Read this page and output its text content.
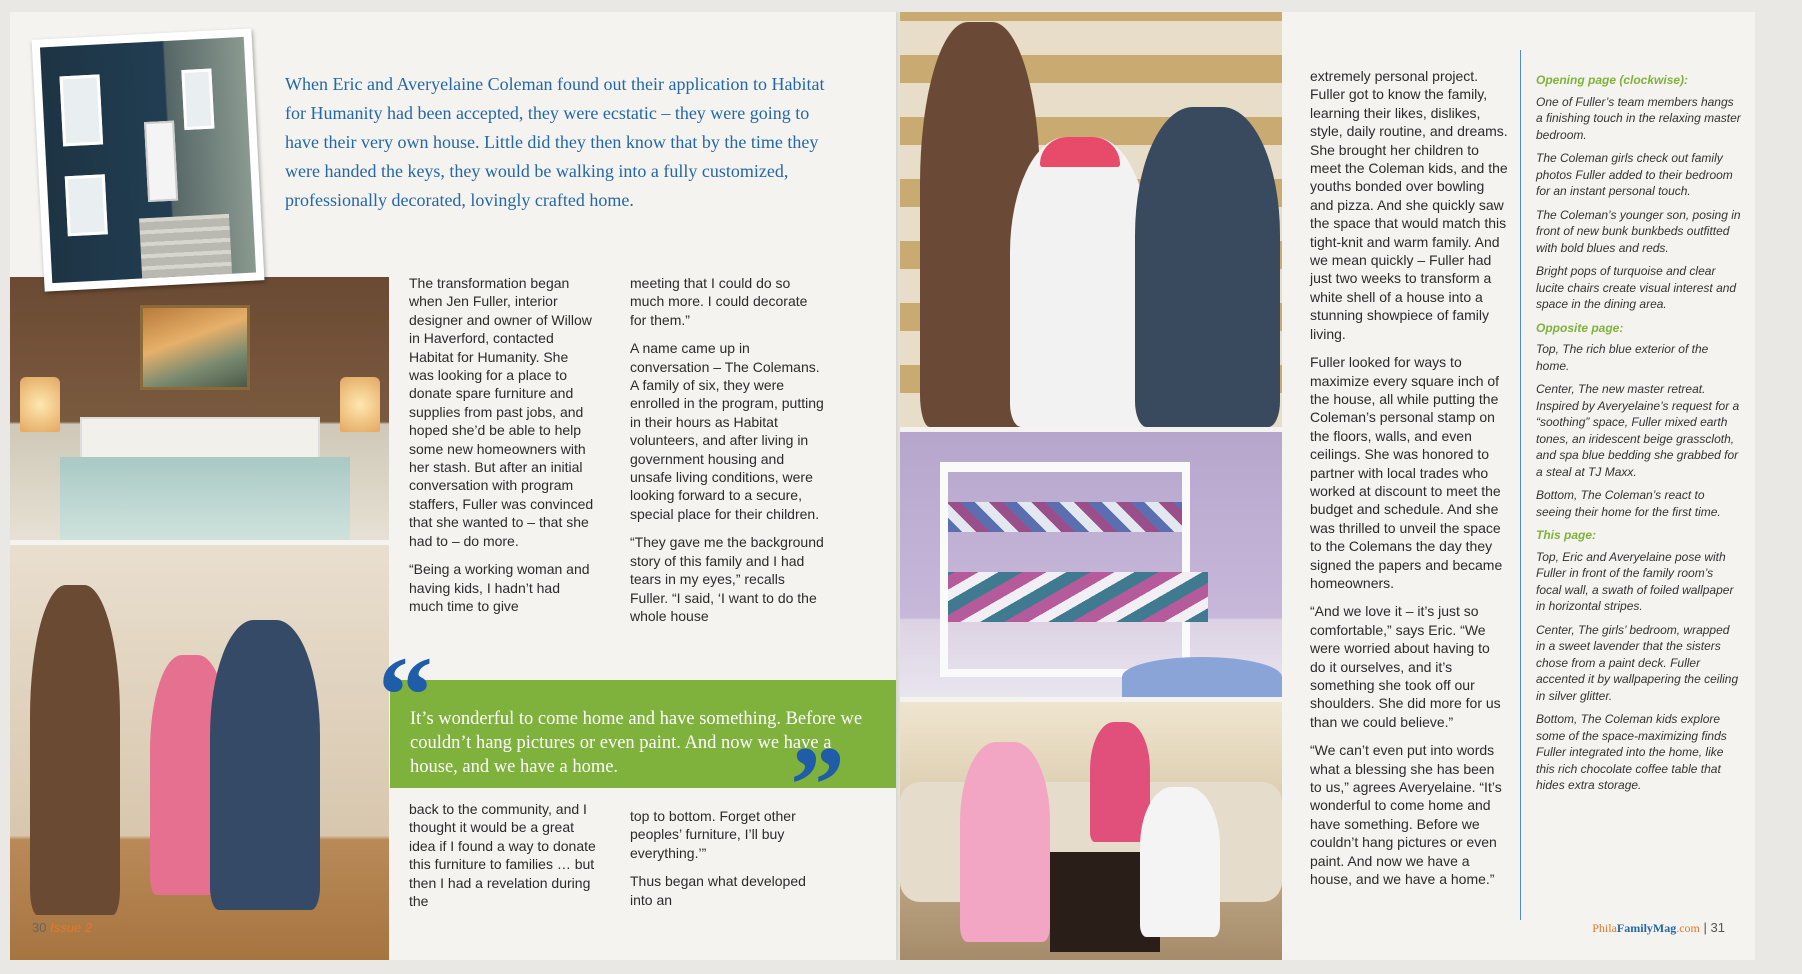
When Eric and Averyelaine Coleman found out their application to Habitat for Humanity had been accepted, they were ecstatic – they were going to have their very own house. Little did they then know that by the time they were handed the keys, they would be walking into a fully customized, professionally decorated, lovingly crafted home.

The transformation began when Jen Fuller, interior designer and owner of Willow in Haverford, contacted Habitat for Humanity. She was looking for a place to donate spare furniture and supplies from past jobs, and hoped she’d be able to help some new homeowners with her stash. But after an initial conversation with program staffers, Fuller was convinced that she wanted to – that she had to – do more.

“Being a working woman and having kids, I hadn’t had much time to give

meeting that I could do so much more. I could decorate for them.”

A name came up in conversation – The Colemans. A family of six, they were enrolled in the program, putting in their hours as Habitat volunteers, and after living in government housing and unsafe living conditions, were looking forward to a secure, special place for their children.

“They gave me the background story of this family and I had tears in my eyes,” recalls Fuller. “I said, ‘I want to do the whole house

It’s wonderful to come home and have something. Before we couldn’t hang pictures or even paint. And now we have a house, and we have a home.
“
”

back to the community, and I thought it would be a great idea if I found a way to donate this furniture to families … but then I had a revelation during the

top to bottom. Forget other peoples’ furniture, I’ll buy everything.’”

Thus began what developed into an

30 Issue 2

extremely personal project. Fuller got to know the family, learning their likes, dislikes, style, daily routine, and dreams. She brought her children to meet the Coleman kids, and the youths bonded over bowling and pizza. And she quickly saw the space that would match this tight-knit and warm family. And we mean quickly – Fuller had just two weeks to transform a white shell of a house into a stunning showpiece of family living.

Fuller looked for ways to maximize every square inch of the house, all while putting the Coleman’s personal stamp on the floors, walls, and even ceilings. She was honored to partner with local trades who worked at discount to meet the budget and schedule. And she was thrilled to unveil the space to the Colemans the day they signed the papers and became homeowners.

“And we love it – it’s just so comfortable,” says Eric. “We were worried about having to do it ourselves, and it’s something she took off our shoulders. She did more for us than we could believe.”

“We can’t even put into words what a blessing she has been to us,” agrees Averyelaine. “It’s wonderful to come home and have something. Before we couldn’t hang pictures or even paint. And now we have a house, and we have a home.”

Opening page (clockwise):

One of Fuller’s team members hangs a finishing touch in the relaxing master bedroom.

The Coleman girls check out family photos Fuller added to their bedroom for an instant personal touch.

The Coleman’s younger son, posing in front of new bunk bunkbeds outfitted with bold blues and reds.

Bright pops of turquoise and clear lucite chairs create visual interest and space in the dining area.

Opposite page:

Top, The rich blue exterior of the home.

Center, The new master retreat. Inspired by Averyelaine’s request for a “soothing” space, Fuller mixed earth tones, an iridescent beige grasscloth, and spa blue bedding she grabbed for a steal at TJ Maxx.

Bottom, The Coleman’s react to seeing their home for the first time.

This page:

Top, Eric and Averyelaine pose with Fuller in front of the family room’s focal wall, a swath of foiled wallpaper in horizontal stripes.

Center, The girls’ bedroom, wrapped in a sweet lavender that the sisters chose from a paint deck. Fuller accented it by wallpapering the ceiling in silver glitter.

Bottom, The Coleman kids explore some of the space-maximizing finds Fuller integrated into the home, like this rich chocolate coffee table that hides extra storage.

PhilaFamilyMag.com | 31
